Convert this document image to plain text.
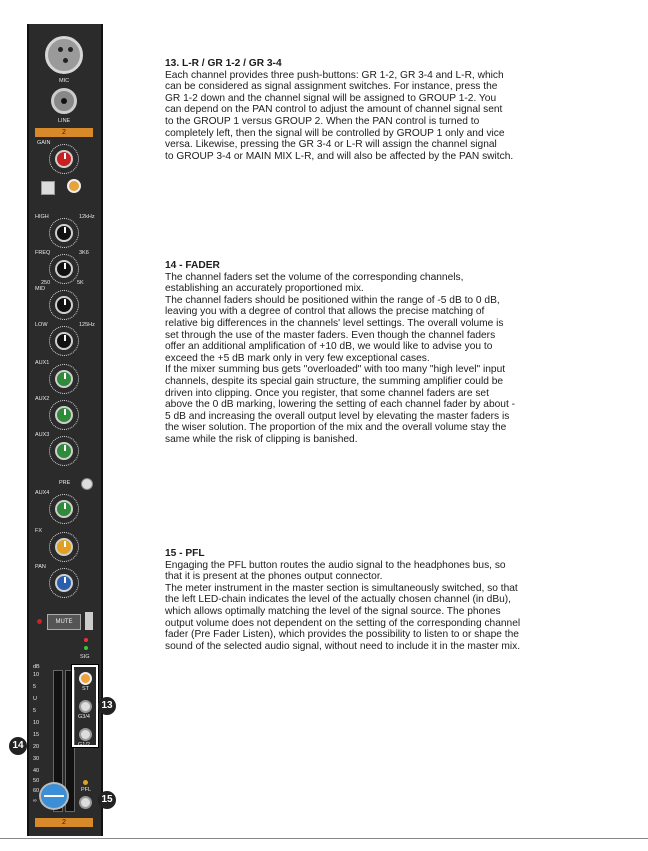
MIC
LINE
2
GAIN
HIGH	12kHz
FREQ	3K6
250	5K
MID
LOW	125Hz
AUX1
AUX2
AUX3
PRE
AUX4
FX
PAN
MUTE
SIG
dB
10
5
U
5
10
15
20
30
40
50
60
∞
ST
G3/4
G1/2
PFL
2
13
14
15
13. L-R / GR 1-2 / GR 3-4

Each channel provides three push-buttons: GR 1-2, GR 3-4 and L-R, which
can be considered as signal assignment switches. For instance, press the
GR 1-2 down and the channel signal will be assigned to GROUP 1-2. You
can depend on the PAN control to adjust the amount of channel signal sent
to the GROUP 1 versus GROUP 2. When the PAN control is turned to
completely left, then the signal will be controlled by GROUP 1 only and vice
versa. Likewise, pressing the GR 3-4 or L-R will assign the channel signal
to GROUP 3-4 or MAIN MIX L-R, and will also be affected by the PAN switch.

14 - FADER

The channel faders set the volume of the corresponding channels,
establishing an accurately proportioned mix.
The channel faders should be positioned within the range of -5 dB to 0 dB,
leaving you with a degree of control that allows the precise matching of
relative big differences in the channels' level settings. The overall volume is
set through the use of the master faders. Even though the channel faders
offer an additional amplification of +10 dB, we would like to advise you to
exceed the +5 dB mark only in very few exceptional cases.
If the mixer summing bus gets "overloaded" with too many "high level" input
channels, despite its special gain structure, the summing amplifier could be
driven into clipping. Once you register, that some channel faders are set
above the 0 dB marking, lowering the setting of each channel fader by about -
5 dB and increasing the overall output level by elevating the master faders is
the wiser solution. The proportion of the mix and the overall volume stay the
same while the risk of clipping is banished.

15 - PFL

Engaging the PFL button routes the audio signal to the headphones bus, so
that it is present at the phones output connector.
The meter instrument in the master section is simultaneously switched, so that
the left LED-chain indicates the level of the actually chosen channel (in dBu),
which allows optimally matching the level of the signal source. The phones
output volume does not dependent on the setting of the corresponding channel
fader (Pre Fader Listen), which provides the possibility to listen to or shape the
sound of the selected audio signal, without need to include it in the master mix.
